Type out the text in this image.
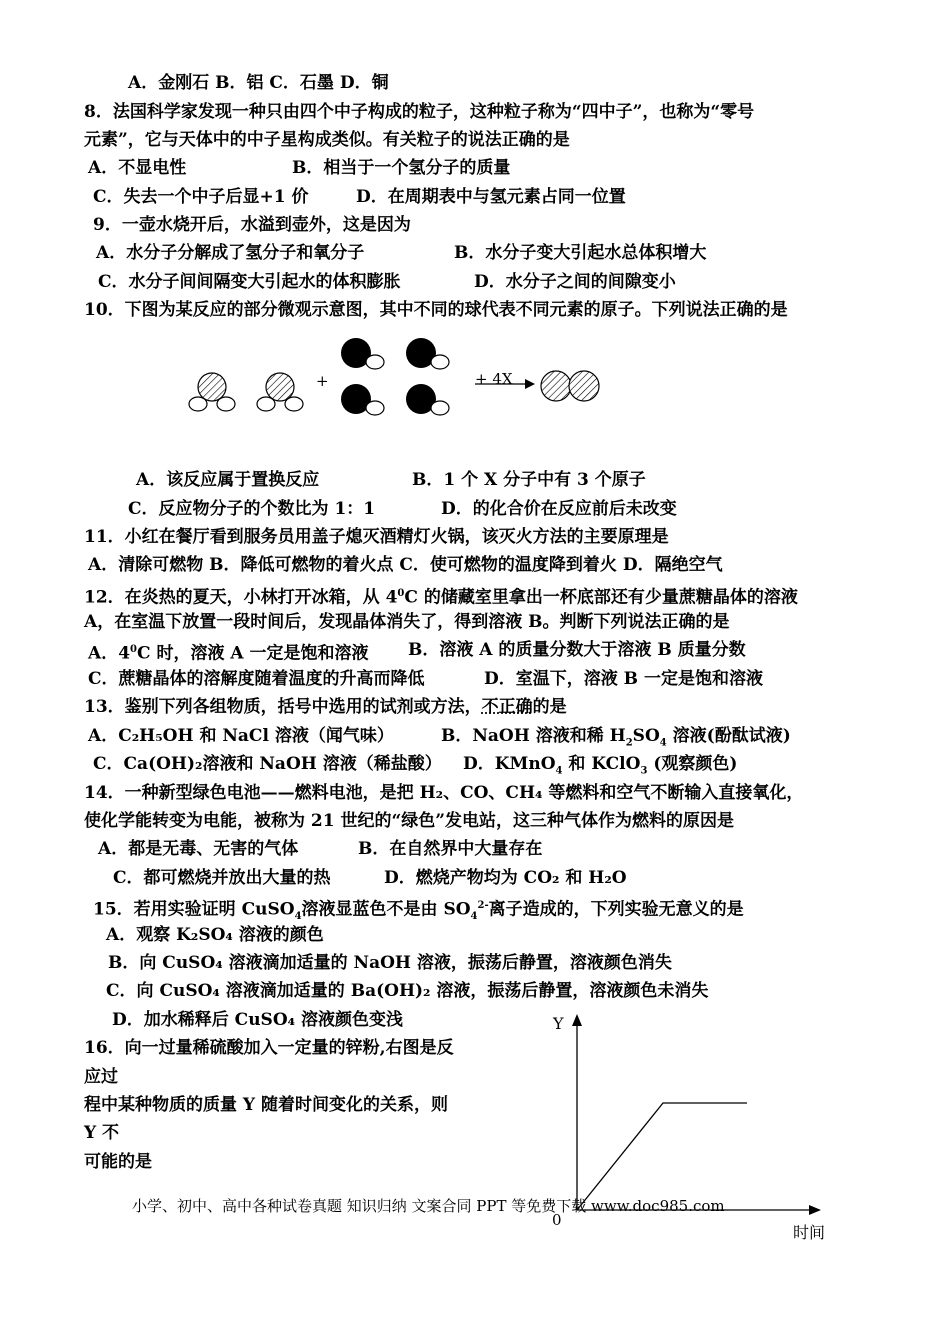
A．金刚石 B．铝 C．石墨 D．铜
8．法国科学家发现一种只由四个中子构成的粒子，这种粒子称为“四中子”，也称为“零号
元素”，它与天体中的中子星构成类似。有关粒子的说法正确的是
A．不显电性	B．相当于一个氢分子的质量
C．失去一个中子后显+1 价	D．在周期表中与氢元素占同一位置
9．一壶水烧开后，水溢到壶外，这是因为
A．水分子分解成了氢分子和氧分子	B．水分子变大引起水总体积增大
C．水分子间间隔变大引起水的体积膨胀	D．水分子之间的间隙变小
10．下图为某反应的部分微观示意图，其中不同的球代表不同元素的原子。下列说法正确的是
+	+ 4X
A．该反应属于置换反应	B．1 个 X 分子中有 3 个原子
C．反应物分子的个数比为 1：1	D．的化合价在反应前后未改变
11．小红在餐厅看到服务员用盖子熄灭酒精灯火锅，该灭火方法的主要原理是
A．清除可燃物 B．降低可燃物的着火点 C．使可燃物的温度降到着火 D．隔绝空气
12．在炎热的夏天，小林打开冰箱，从 $4^0C$ 的储藏室里拿出一杯底部还有少量蔗糖晶体的溶液
A，在室温下放置一段时间后，发现晶体消失了，得到溶液 B。判断下列说法正确的是
A．$4^0C$ 时，溶液 A 一定是饱和溶液 B．溶液 A 的质量分数大于溶液 B 质量分数
C．蔗糖晶体的溶解度随着温度的升高而降低	D．室温下，溶液 B 一定是饱和溶液
13．鉴别下列各组物质，括号中选用的试剂或方法，不正确的是
A．C₂H₅OH 和 NaCl 溶液（闻气味）	B．NaOH 溶液和稀 $H_2SO_4$ 溶液(酚酞试液)
C．Ca(OH)₂溶液和 NaOH 溶液（稀盐酸） D．KMnO$_4$ 和 KClO$_3$ (观察颜色)
14．一种新型绿色电池——燃料电池，是把 H₂、CO、CH₄ 等燃料和空气不断输入直接氧化，
使化学能转变为电能，被称为 21 世纪的“绿色”发电站，这三种气体作为燃料的原因是
A．都是无毒、无害的气体	B．在自然界中大量存在
C．都可燃烧并放出大量的热	D．燃烧产物均为 CO₂ 和 H₂O
15．若用实验证明 CuSO$_4$溶液显蓝色不是由 $SO_4^{2-}$离子造成的，下列实验无意义的是
A．观察 K₂SO₄ 溶液的颜色
B．向 CuSO₄ 溶液滴加适量的 NaOH 溶液，振荡后静置，溶液颜色消失
C．向 CuSO₄ 溶液滴加适量的 Ba(OH)₂ 溶液，振荡后静置，溶液颜色未消失
D．加水稀释后 CuSO₄ 溶液颜色变浅
16．向一过量稀硫酸加入一定量的锌粉,右图是反
应过
程中某种物质的质量 Y 随着时间变化的关系，则
Y 不
可能的是
Y
0
时间
小学、初中、高中各种试卷真题 知识归纳 文案合同 PPT 等免费下载 www.doc985.com
